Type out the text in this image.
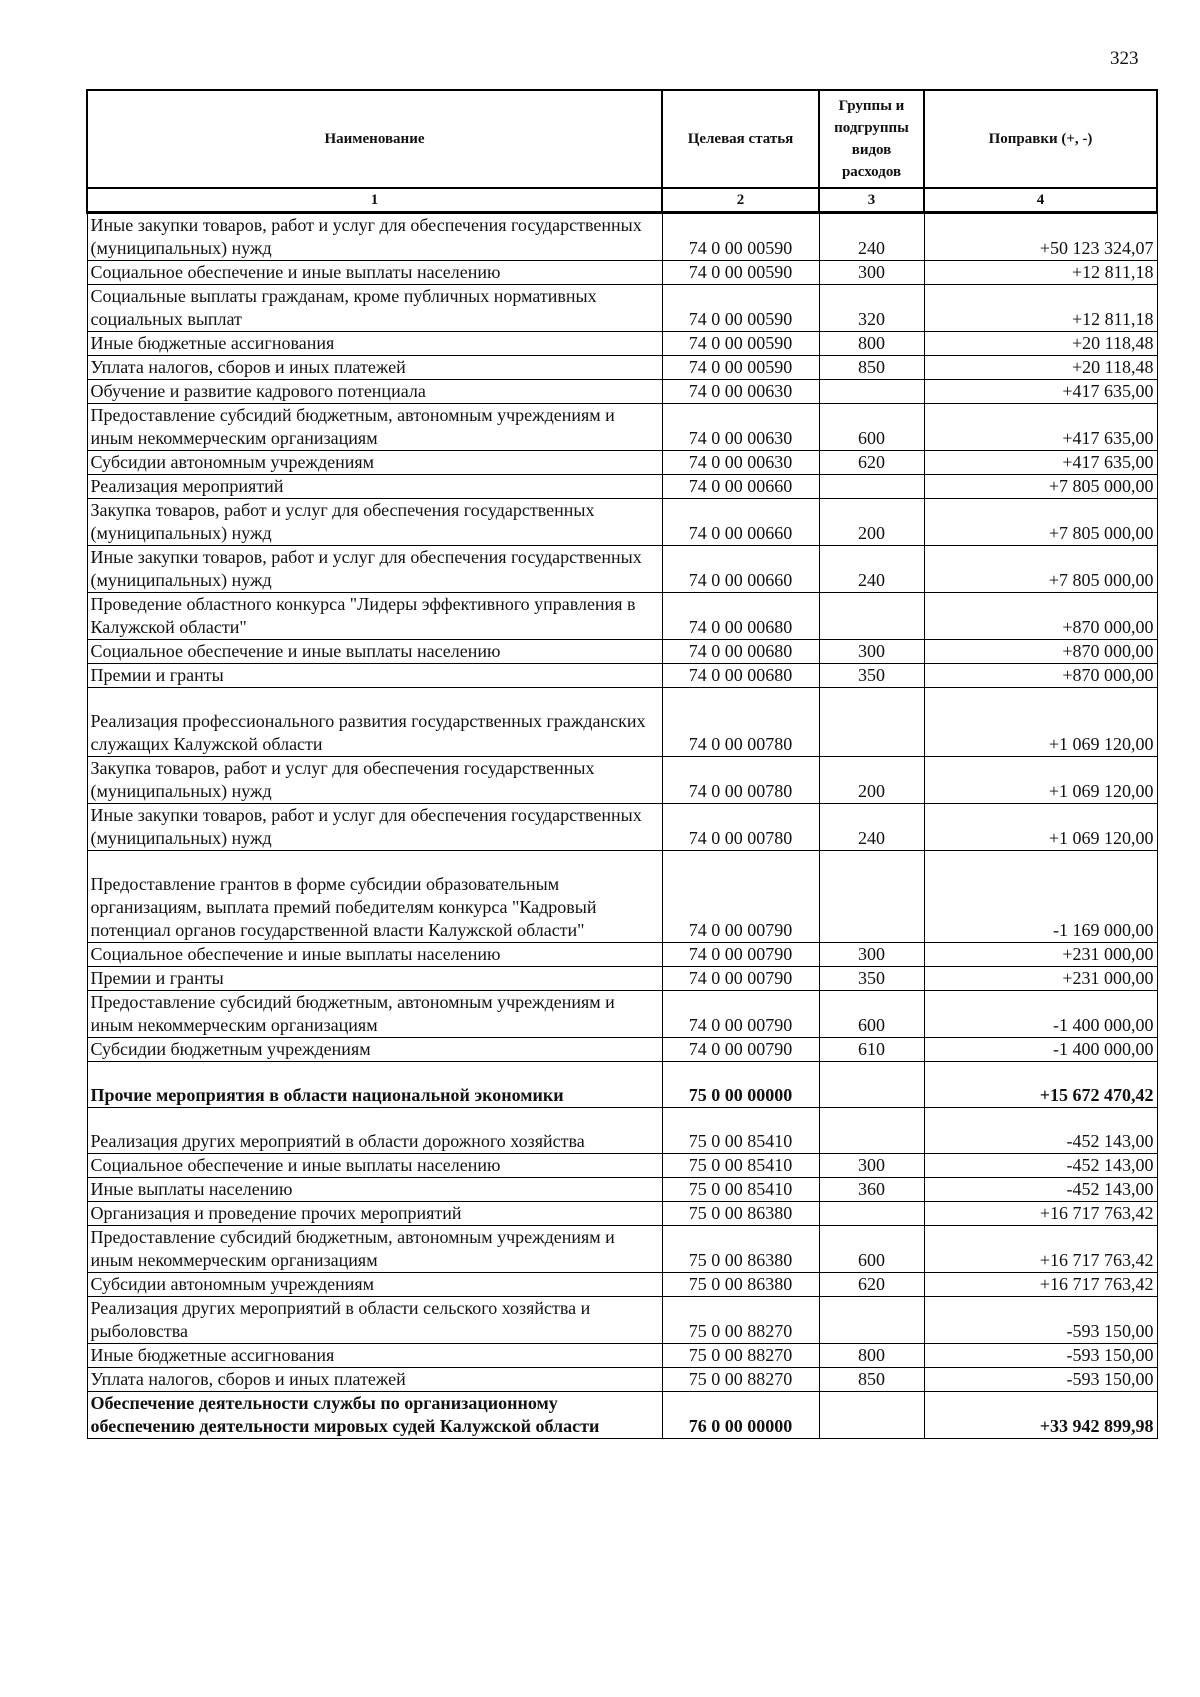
323
Наименование	Целевая статья	Группы и подгруппы видов расходов	Поправки (+, -)
1	2	3	4
Иные закупки товаров, работ и услуг для обеспечения государственных (муниципальных) нужд	74 0 00 00590	240	+50 123 324,07
Социальное обеспечение и иные выплаты населению	74 0 00 00590	300	+12 811,18
Социальные выплаты гражданам, кроме публичных нормативных социальных выплат	74 0 00 00590	320	+12 811,18
Иные бюджетные ассигнования	74 0 00 00590	800	+20 118,48
Уплата налогов, сборов и иных платежей	74 0 00 00590	850	+20 118,48
Обучение и развитие кадрового потенциала	74 0 00 00630		+417 635,00
Предоставление субсидий бюджетным, автономным учреждениям и иным некоммерческим организациям	74 0 00 00630	600	+417 635,00
Субсидии автономным учреждениям	74 0 00 00630	620	+417 635,00
Реализация мероприятий	74 0 00 00660		+7 805 000,00
Закупка товаров, работ и услуг для обеспечения государственных (муниципальных) нужд	74 0 00 00660	200	+7 805 000,00
Иные закупки товаров, работ и услуг для обеспечения государственных (муниципальных) нужд	74 0 00 00660	240	+7 805 000,00
Проведение областного конкурса "Лидеры эффективного управления в Калужской области"	74 0 00 00680		+870 000,00
Социальное обеспечение и иные выплаты населению	74 0 00 00680	300	+870 000,00
Премии и гранты	74 0 00 00680	350	+870 000,00

Реализация профессионального развития государственных гражданских служащих Калужской области	74 0 00 00780		+1 069 120,00
Закупка товаров, работ и услуг для обеспечения государственных (муниципальных) нужд	74 0 00 00780	200	+1 069 120,00
Иные закупки товаров, работ и услуг для обеспечения государственных (муниципальных) нужд	74 0 00 00780	240	+1 069 120,00

Предоставление грантов в форме субсидии образовательным организациям, выплата премий победителям конкурса "Кадровый потенциал органов государственной власти Калужской области"	74 0 00 00790		-1 169 000,00
Социальное обеспечение и иные выплаты населению	74 0 00 00790	300	+231 000,00
Премии и гранты	74 0 00 00790	350	+231 000,00
Предоставление субсидий бюджетным, автономным учреждениям и иным некоммерческим организациям	74 0 00 00790	600	-1 400 000,00
Субсидии бюджетным учреждениям	74 0 00 00790	610	-1 400 000,00

Прочие мероприятия в области национальной экономики	75 0 00 00000		+15 672 470,42

Реализация других мероприятий в области дорожного хозяйства	75 0 00 85410		-452 143,00
Социальное обеспечение и иные выплаты населению	75 0 00 85410	300	-452 143,00
Иные выплаты населению	75 0 00 85410	360	-452 143,00
Организация и проведение прочих мероприятий	75 0 00 86380		+16 717 763,42
Предоставление субсидий бюджетным, автономным учреждениям и иным некоммерческим организациям	75 0 00 86380	600	+16 717 763,42
Субсидии автономным учреждениям	75 0 00 86380	620	+16 717 763,42
Реализация других мероприятий в области сельского хозяйства и рыболовства	75 0 00 88270		-593 150,00
Иные бюджетные ассигнования	75 0 00 88270	800	-593 150,00
Уплата налогов, сборов и иных платежей	75 0 00 88270	850	-593 150,00
Обеспечение деятельности службы по организационному обеспечению деятельности мировых судей Калужской области	76 0 00 00000		+33 942 899,98
